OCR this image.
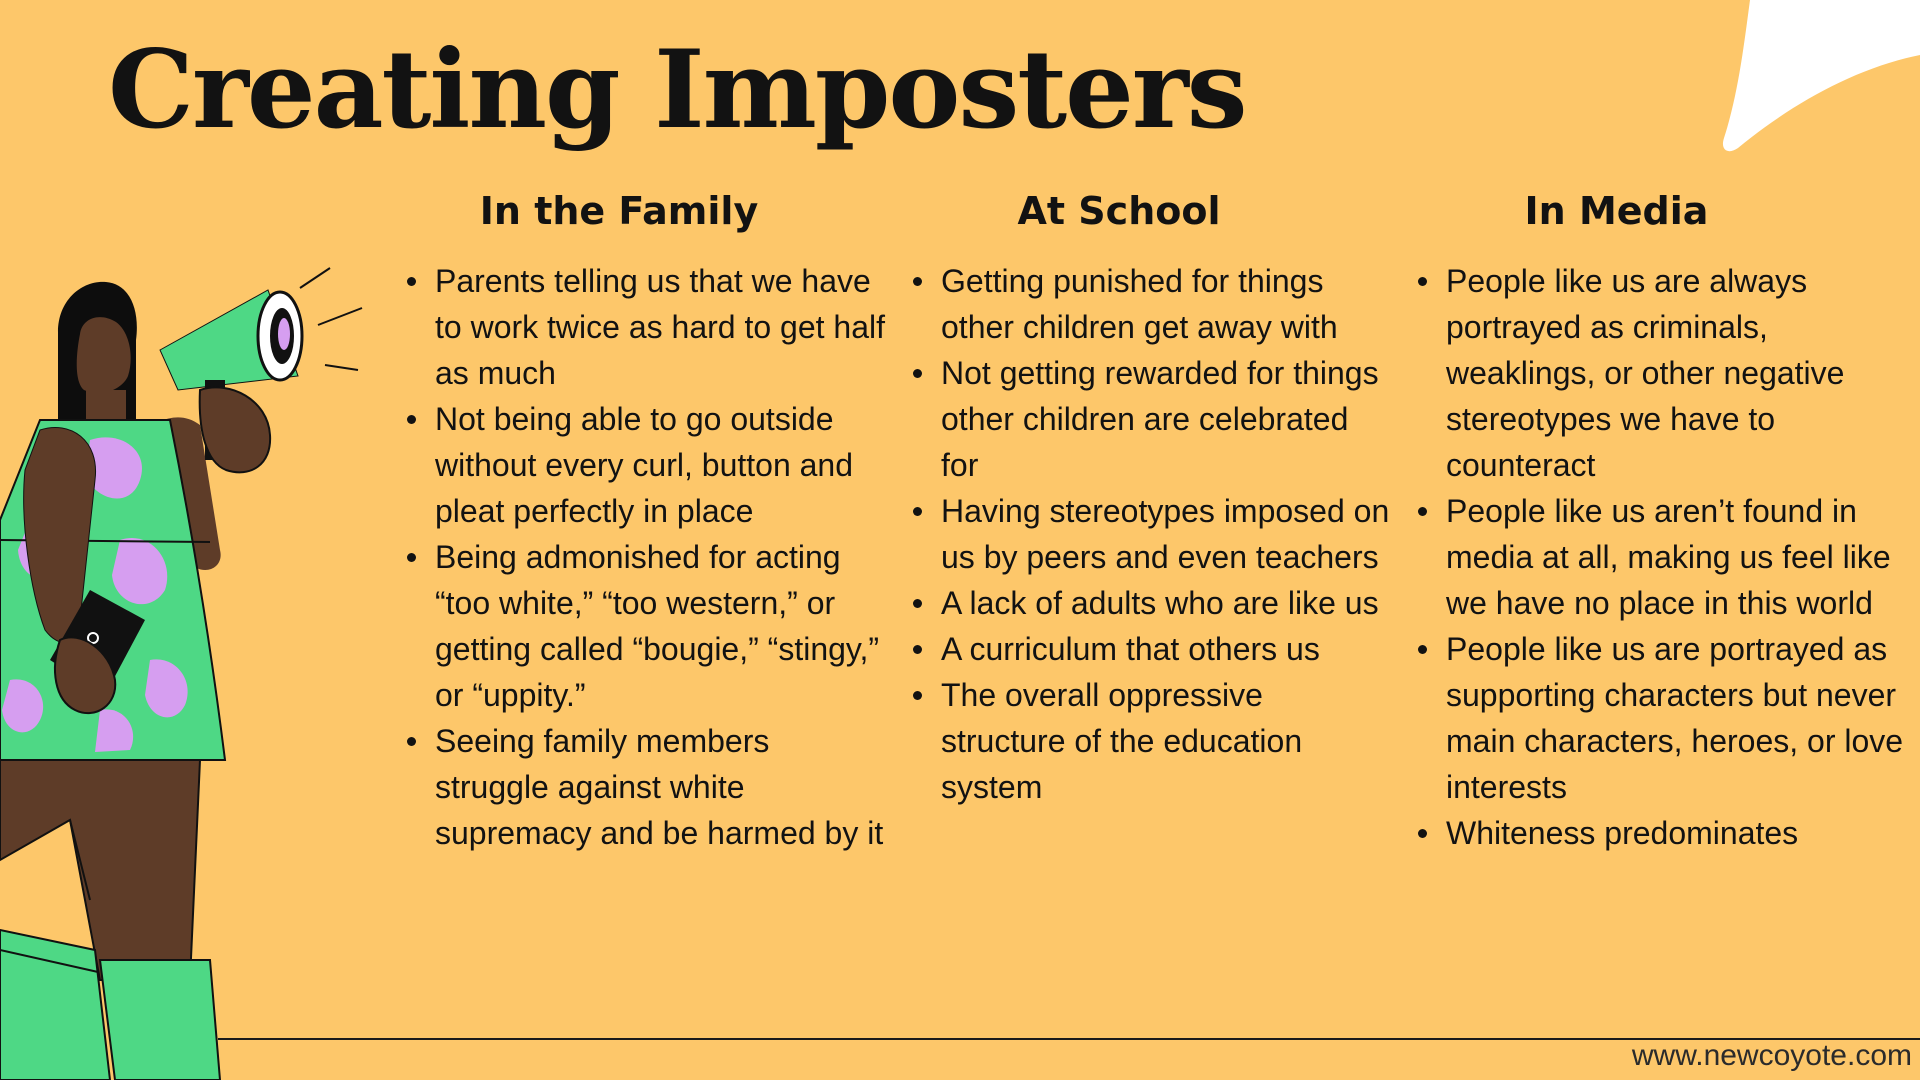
Creating Imposters
In the Family
Parents telling us that we have to work twice as hard to get half as much
Not being able to go outside without every curl, button and pleat perfectly in place
Being admonished for acting “too white,” “too western,” or getting called “bougie,” “stingy,” or “uppity.”
Seeing family members struggle against white supremacy and be harmed by it
At School
Getting punished for things other children get away with
Not getting rewarded for things other children are celebrated for
Having stereotypes imposed on us by peers and even teachers
A lack of adults who are like us
A curriculum that others us
The overall oppressive structure of the education system
In Media
People like us are always portrayed as criminals, weaklings, or other negative stereotypes we have to counteract
People like us aren’t found in media at all, making us feel like we have no place in this world
People like us are portrayed as supporting characters but never main characters, heroes, or love interests
Whiteness predominates
www.newcoyote.com
